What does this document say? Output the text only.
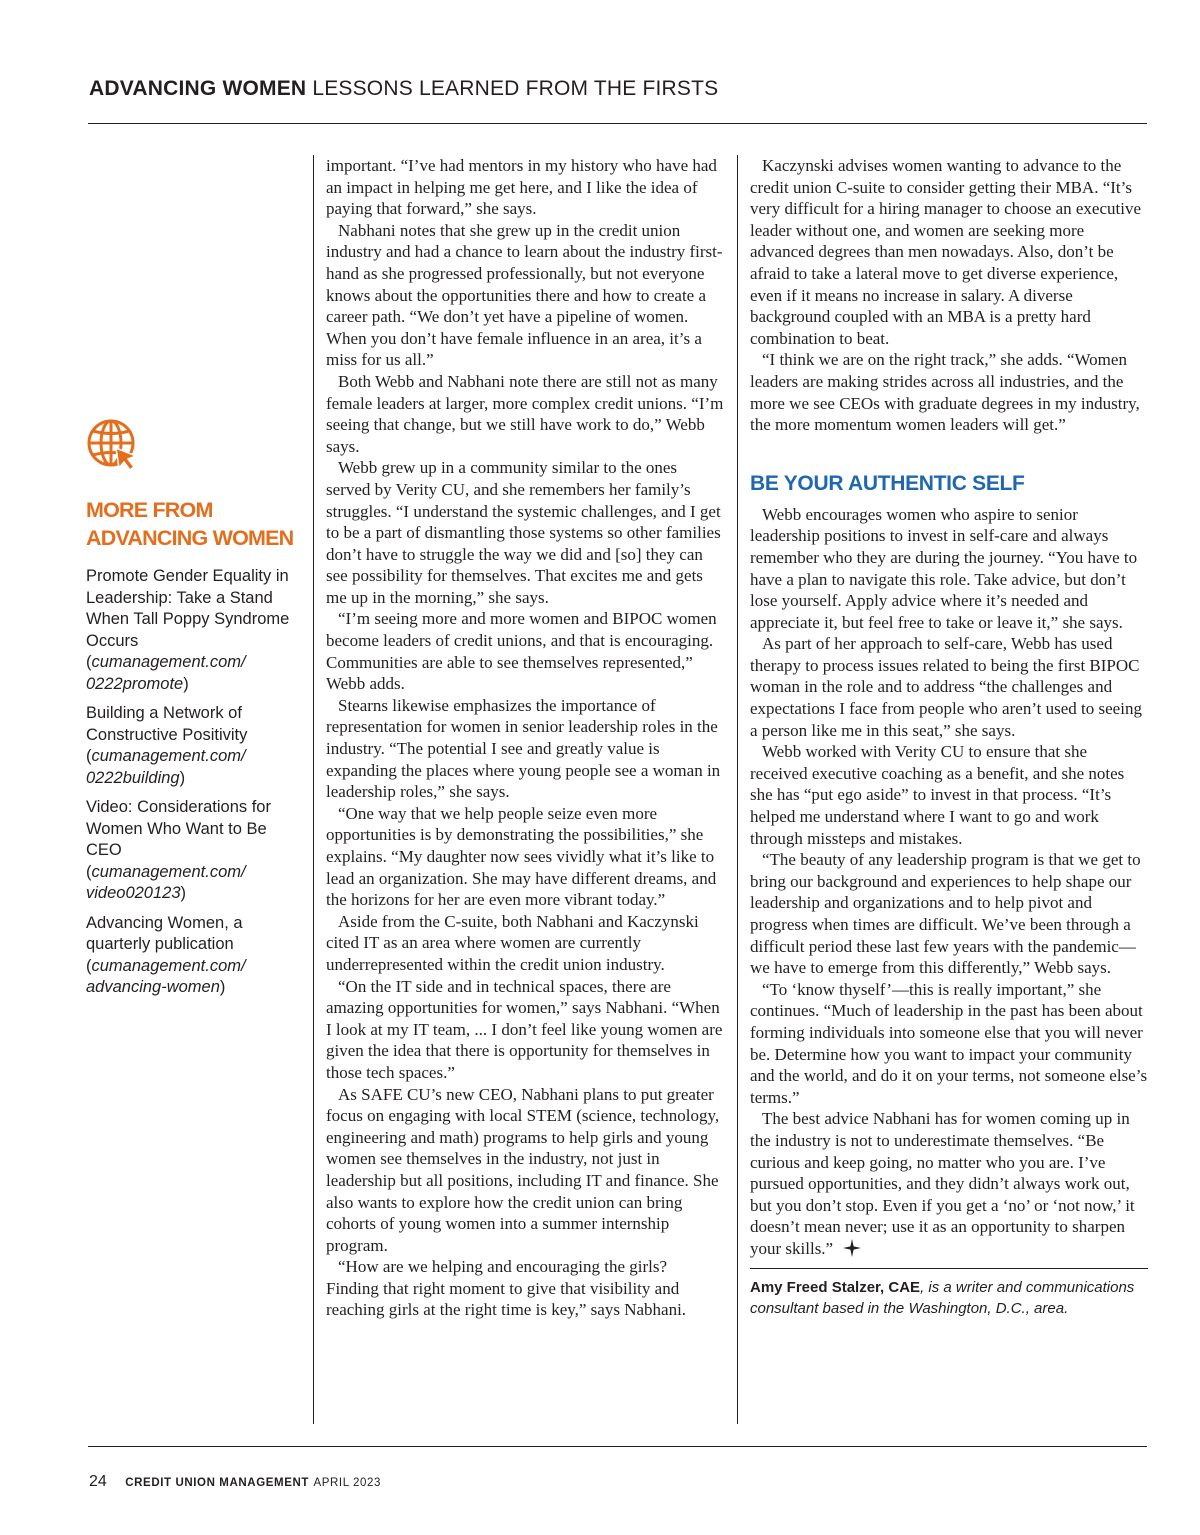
ADVANCING WOMEN LESSONS LEARNED FROM THE FIRSTS
MORE FROM
ADVANCING WOMEN
Promote Gender Equality in Leadership: Take a Stand When Tall Poppy Syndrome Occurs
(cumanagement.com/ 0222promote)
Building a Network of Constructive Positivity
(cumanagement.com/ 0222building)
Video: Considerations for Women Who Want to Be CEO
(cumanagement.com/ video020123)
Advancing Women, a quarterly publication
(cumanagement.com/ advancing-women)

important. “I’ve had mentors in my history who have had an impact in helping me get here, and I like the idea of paying that forward,” she says.

Nabhani notes that she grew up in the credit union industry and had a chance to learn about the industry first-hand as she progressed professionally, but not everyone knows about the opportunities there and how to create a career path. “We don’t yet have a pipeline of women. When you don’t have female influence in an area, it’s a miss for us all.”

Both Webb and Nabhani note there are still not as many female leaders at larger, more complex credit unions. “I’m seeing that change, but we still have work to do,” Webb says.

Webb grew up in a community similar to the ones served by Verity CU, and she remembers her family’s struggles. “I understand the systemic challenges, and I get to be a part of dismantling those systems so other families don’t have to struggle the way we did and [so] they can see possibility for themselves. That excites me and gets me up in the morning,” she says.

“I’m seeing more and more women and BIPOC women become leaders of credit unions, and that is encouraging. Communities are able to see themselves represented,” Webb adds.

Stearns likewise emphasizes the importance of representation for women in senior leadership roles in the industry. “The potential I see and greatly value is expanding the places where young people see a woman in leadership roles,” she says.

“One way that we help people seize even more opportunities is by demonstrating the possibilities,” she explains. “My daughter now sees vividly what it’s like to lead an organization. She may have different dreams, and the horizons for her are even more vibrant today.”

Aside from the C-suite, both Nabhani and Kaczynski cited IT as an area where women are currently underrepresented within the credit union industry.

“On the IT side and in technical spaces, there are amazing opportunities for women,” says Nabhani. “When I look at my IT team, ... I don’t feel like young women are given the idea that there is opportunity for themselves in those tech spaces.”

As SAFE CU’s new CEO, Nabhani plans to put greater focus on engaging with local STEM (science, technology, engineering and math) programs to help girls and young women see themselves in the industry, not just in leadership but all positions, including IT and finance. She also wants to explore how the credit union can bring cohorts of young women into a summer internship program.

“How are we helping and encouraging the girls? Finding that right moment to give that visibility and reaching girls at the right time is key,” says Nabhani.

Kaczynski advises women wanting to advance to the credit union C-suite to consider getting their MBA. “It’s very difficult for a hiring manager to choose an executive leader without one, and women are seeking more advanced degrees than men nowadays. Also, don’t be afraid to take a lateral move to get diverse experience, even if it means no increase in salary. A diverse background coupled with an MBA is a pretty hard combination to beat.

“I think we are on the right track,” she adds. “Women leaders are making strides across all industries, and the more we see CEOs with graduate degrees in my industry, the more momentum women leaders will get.”

BE YOUR AUTHENTIC SELF

Webb encourages women who aspire to senior leadership positions to invest in self-care and always remember who they are during the journey. “You have to have a plan to navigate this role. Take advice, but don’t lose yourself. Apply advice where it’s needed and appreciate it, but feel free to take or leave it,” she says.

As part of her approach to self-care, Webb has used therapy to process issues related to being the first BIPOC woman in the role and to address “the challenges and expectations I face from people who aren’t used to seeing a person like me in this seat,” she says.

Webb worked with Verity CU to ensure that she received executive coaching as a benefit, and she notes she has “put ego aside” to invest in that process. “It’s helped me understand where I want to go and work through missteps and mistakes.

“The beauty of any leadership program is that we get to bring our background and experiences to help shape our leadership and organizations and to help pivot and progress when times are difficult. We’ve been through a difficult period these last few years with the pandemic—we have to emerge from this differently,” Webb says.

“To ‘know thyself’—this is really important,” she continues. “Much of leadership in the past has been about forming individuals into someone else that you will never be. Determine how you want to impact your community and the world, and do it on your terms, not someone else’s terms.”

The best advice Nabhani has for women coming up in the industry is not to underestimate themselves. “Be curious and keep going, no matter who you are. I’ve pursued opportunities, and they didn’t always work out, but you don’t stop. Even if you get a ‘no’ or ‘not now,’ it doesn’t mean never; use it as an opportunity to sharpen your skills.”

Amy Freed Stalzer, CAE, is a writer and communications consultant based in the Washington, D.C., area.
24 CREDIT UNION MANAGEMENT APRIL 2023
